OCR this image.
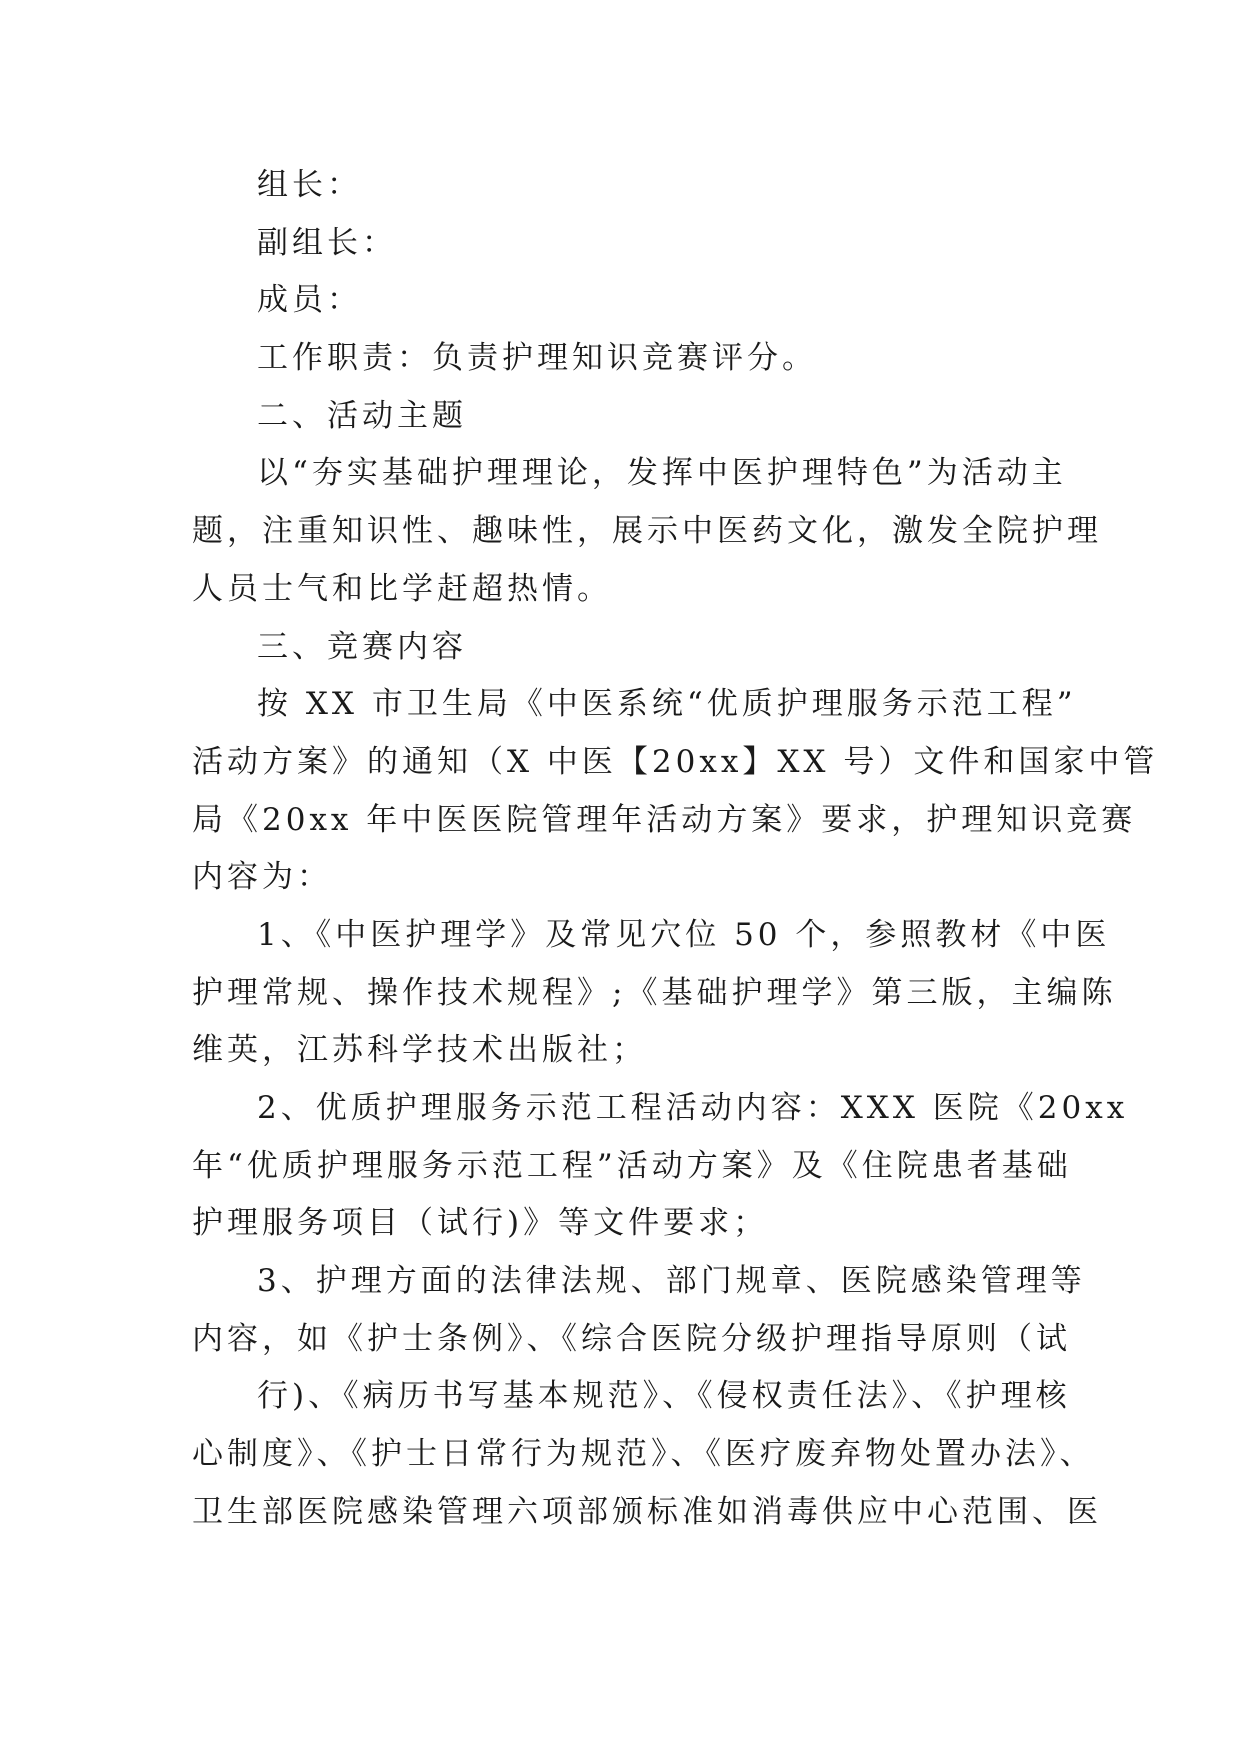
组长：
副组长：
成员：
工作职责：负责护理知识竞赛评分。
二、活动主题
以“夯实基础护理理论，发挥中医护理特色”为活动主
题，注重知识性、趣味性，展示中医药文化，激发全院护理
人员士气和比学赶超热情。
三、竞赛内容
按 XX 市卫生局《中医系统“优质护理服务示范工程”
活动方案》的通知（X 中医【20xx】XX 号）文件和国家中管
局《20xx 年中医医院管理年活动方案》要求，护理知识竞赛
内容为：
1、《中医护理学》及常见穴位 50 个，参照教材《中医
护理常规、操作技术规程》;《基础护理学》第三版，主编陈
维英，江苏科学技术出版社；
2、优质护理服务示范工程活动内容：XXX 医院《20xx
年“优质护理服务示范工程”活动方案》及《住院患者基础
护理服务项目（试行)》等文件要求；
3、护理方面的法律法规、部门规章、医院感染管理等
内容，如《护士条例》、《综合医院分级护理指导原则（试
行)、《病历书写基本规范》、《侵权责任法》、《护理核
心制度》、《护士日常行为规范》、《医疗废弃物处置办法》、
卫生部医院感染管理六项部颁标准如消毒供应中心范围、医
